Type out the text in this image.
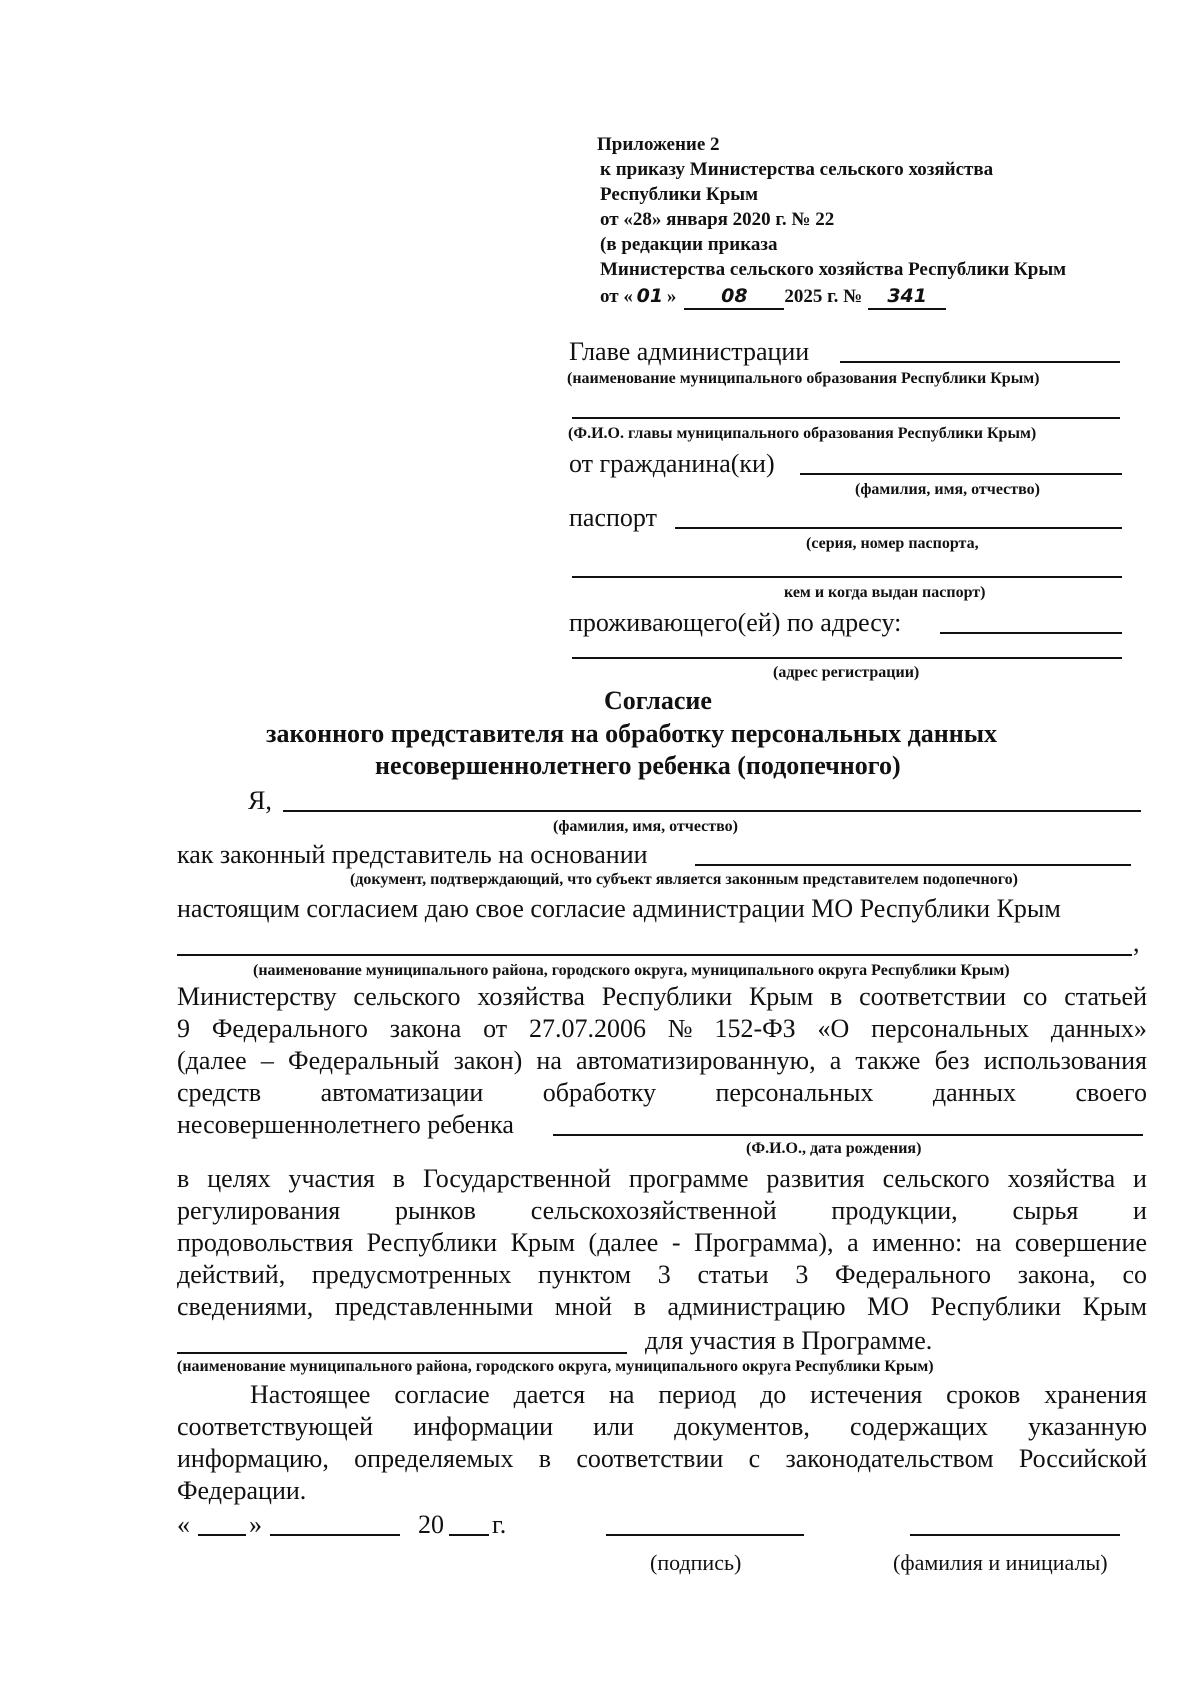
Приложение 2
к приказу Министерства сельского хозяйства
Республики Крым
от «28» января 2020 г. № 22
(в редакции приказа
Министерства сельского хозяйства Республики Крым
от « 01 » 08 2025 г. № 341
Главе администрации
(наименование муниципального образования Республики Крым)
(Ф.И.О. главы муниципального образования Республики Крым)
от гражданина(ки)
(фамилия, имя, отчество)
паспорт
(серия, номер паспорта,
кем и когда выдан паспорт)
проживающего(ей) по адресу:
(адрес регистрации)
Согласие
законного представителя на обработку персональных данных
несовершеннолетнего ребенка (подопечного)
Я,
(фамилия, имя, отчество)
как законный представитель на основании
(документ, подтверждающий, что субъект является законным представителем подопечного)
настоящим согласием даю свое согласие администрации МО Республики Крым
,
(наименование муниципального района, городского округа, муниципального округа Республики Крым)
Министерству сельского хозяйства Республики Крым в соответствии со статьей
9 Федерального закона от 27.07.2006 № 152-ФЗ «О персональных данных»
(далее – Федеральный закон) на автоматизированную, а также без использования
средств автоматизации обработку персональных данных своего
несовершеннолетнего ребенка
(Ф.И.О., дата рождения)
в целях участия в Государственной программе развития сельского хозяйства и
регулирования рынков сельскохозяйственной продукции, сырья и
продовольствия Республики Крым (далее - Программа), а именно: на совершение
действий, предусмотренных пунктом 3 статьи 3 Федерального закона, со
сведениями, представленными мной в администрацию МО Республики Крым
для участия в Программе.
(наименование муниципального района, городского округа, муниципального округа Республики Крым)
Настоящее согласие дается на период до истечения сроков хранения
соответствующей информации или документов, содержащих указанную
информацию, определяемых в соответствии с законодательством Российской
Федерации.
« »	20 г.
(подпись)	(фамилия и инициалы)
